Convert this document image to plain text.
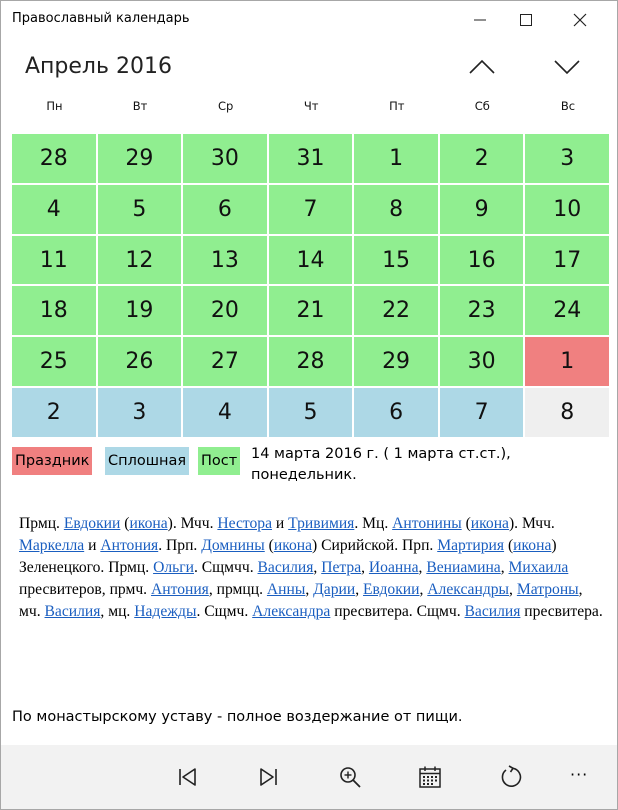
Православный календарь
Апрель 2016
Пн	Вт	Ср	Чт	Пт	Сб	Вс
28	29	30	31	1	2	3
4	5	6	7	8	9	10
11	12	13	14	15	16	17
18	19	20	21	22	23	24
25	26	27	28	29	30	1
2	3	4	5	6	7	8
Праздник Сплошная Пост 14 марта 2016 г. ( 1 марта ст.ст.),
понедельник.
Прмц. Евдокии (икона). Мчч. Нестора и Тривимия. Мц. Антонины (икона). Мчч. Маркелла и Антония. Прп. Домнины (икона) Сирийской. Прп. Мартирия (икона) Зеленецкого. Прмц. Ольги. Сщмчч. Василия, Петра, Иоанна, Вениамина, Михаила пресвитеров, прмч. Антония, прмцц. Анны, Дарии, Евдокии, Александры, Матроны, мч. Василия, мц. Надежды. Сщмч. Александра пресвитера. Сщмч. Василия пресвитера.
По монастырскому уставу - полное воздержание от пищи.
···
